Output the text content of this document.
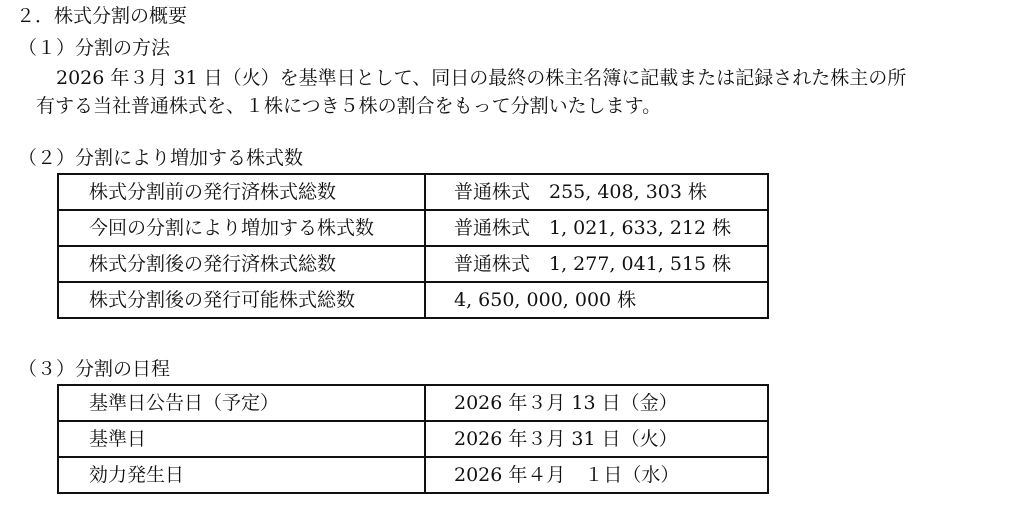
２．株式分割の概要
（１）分割の方法
2026 年３月 31 日（火）を基準日として、同日の最終の株主名簿に記載または記録された株主の所
有する当社普通株式を、１株につき５株の割合をもって分割いたします。
（２）分割により増加する株式数
株式分割前の発行済株式総数	普通株式　255, 408, 303 株
今回の分割により増加する株式数	普通株式　1, 021, 633, 212 株
株式分割後の発行済株式総数	普通株式　1, 277, 041, 515 株
株式分割後の発行可能株式総数	4, 650, 000, 000 株
（３）分割の日程
基準日公告日（予定）	2026 年３月 13 日（金）
基準日	2026 年３月 31 日（火）
効力発生日	2026 年４月　１日（水）
